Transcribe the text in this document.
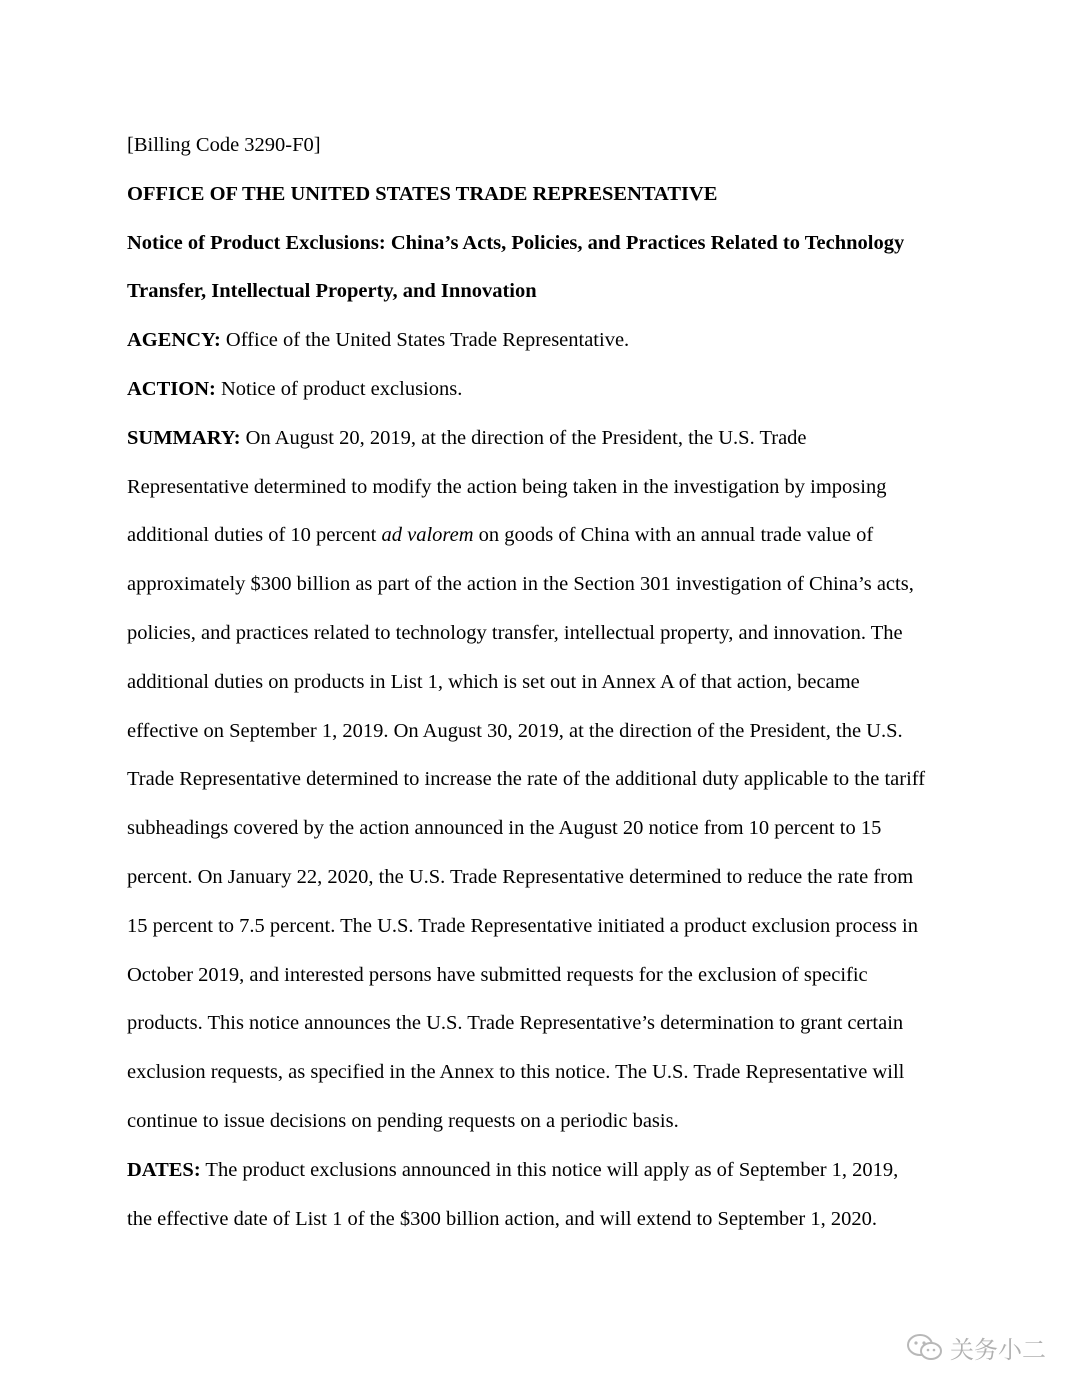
[Billing Code 3290-F0]
OFFICE OF THE UNITED STATES TRADE REPRESENTATIVE
Notice of Product Exclusions: China’s Acts, Policies, and Practices Related to Technology
Transfer, Intellectual Property, and Innovation
AGENCY: Office of the United States Trade Representative.
ACTION: Notice of product exclusions.
SUMMARY: On August 20, 2019, at the direction of the President, the U.S. Trade
Representative determined to modify the action being taken in the investigation by imposing
additional duties of 10 percent ad valorem on goods of China with an annual trade value of
approximately $300 billion as part of the action in the Section 301 investigation of China’s acts,
policies, and practices related to technology transfer, intellectual property, and innovation. The
additional duties on products in List 1, which is set out in Annex A of that action, became
effective on September 1, 2019. On August 30, 2019, at the direction of the President, the U.S.
Trade Representative determined to increase the rate of the additional duty applicable to the tariff
subheadings covered by the action announced in the August 20 notice from 10 percent to 15
percent. On January 22, 2020, the U.S. Trade Representative determined to reduce the rate from
15 percent to 7.5 percent. The U.S. Trade Representative initiated a product exclusion process in
October 2019, and interested persons have submitted requests for the exclusion of specific
products. This notice announces the U.S. Trade Representative’s determination to grant certain
exclusion requests, as specified in the Annex to this notice. The U.S. Trade Representative will
continue to issue decisions on pending requests on a periodic basis.
DATES: The product exclusions announced in this notice will apply as of September 1, 2019,
the effective date of List 1 of the $300 billion action, and will extend to September 1, 2020.
关务小二
